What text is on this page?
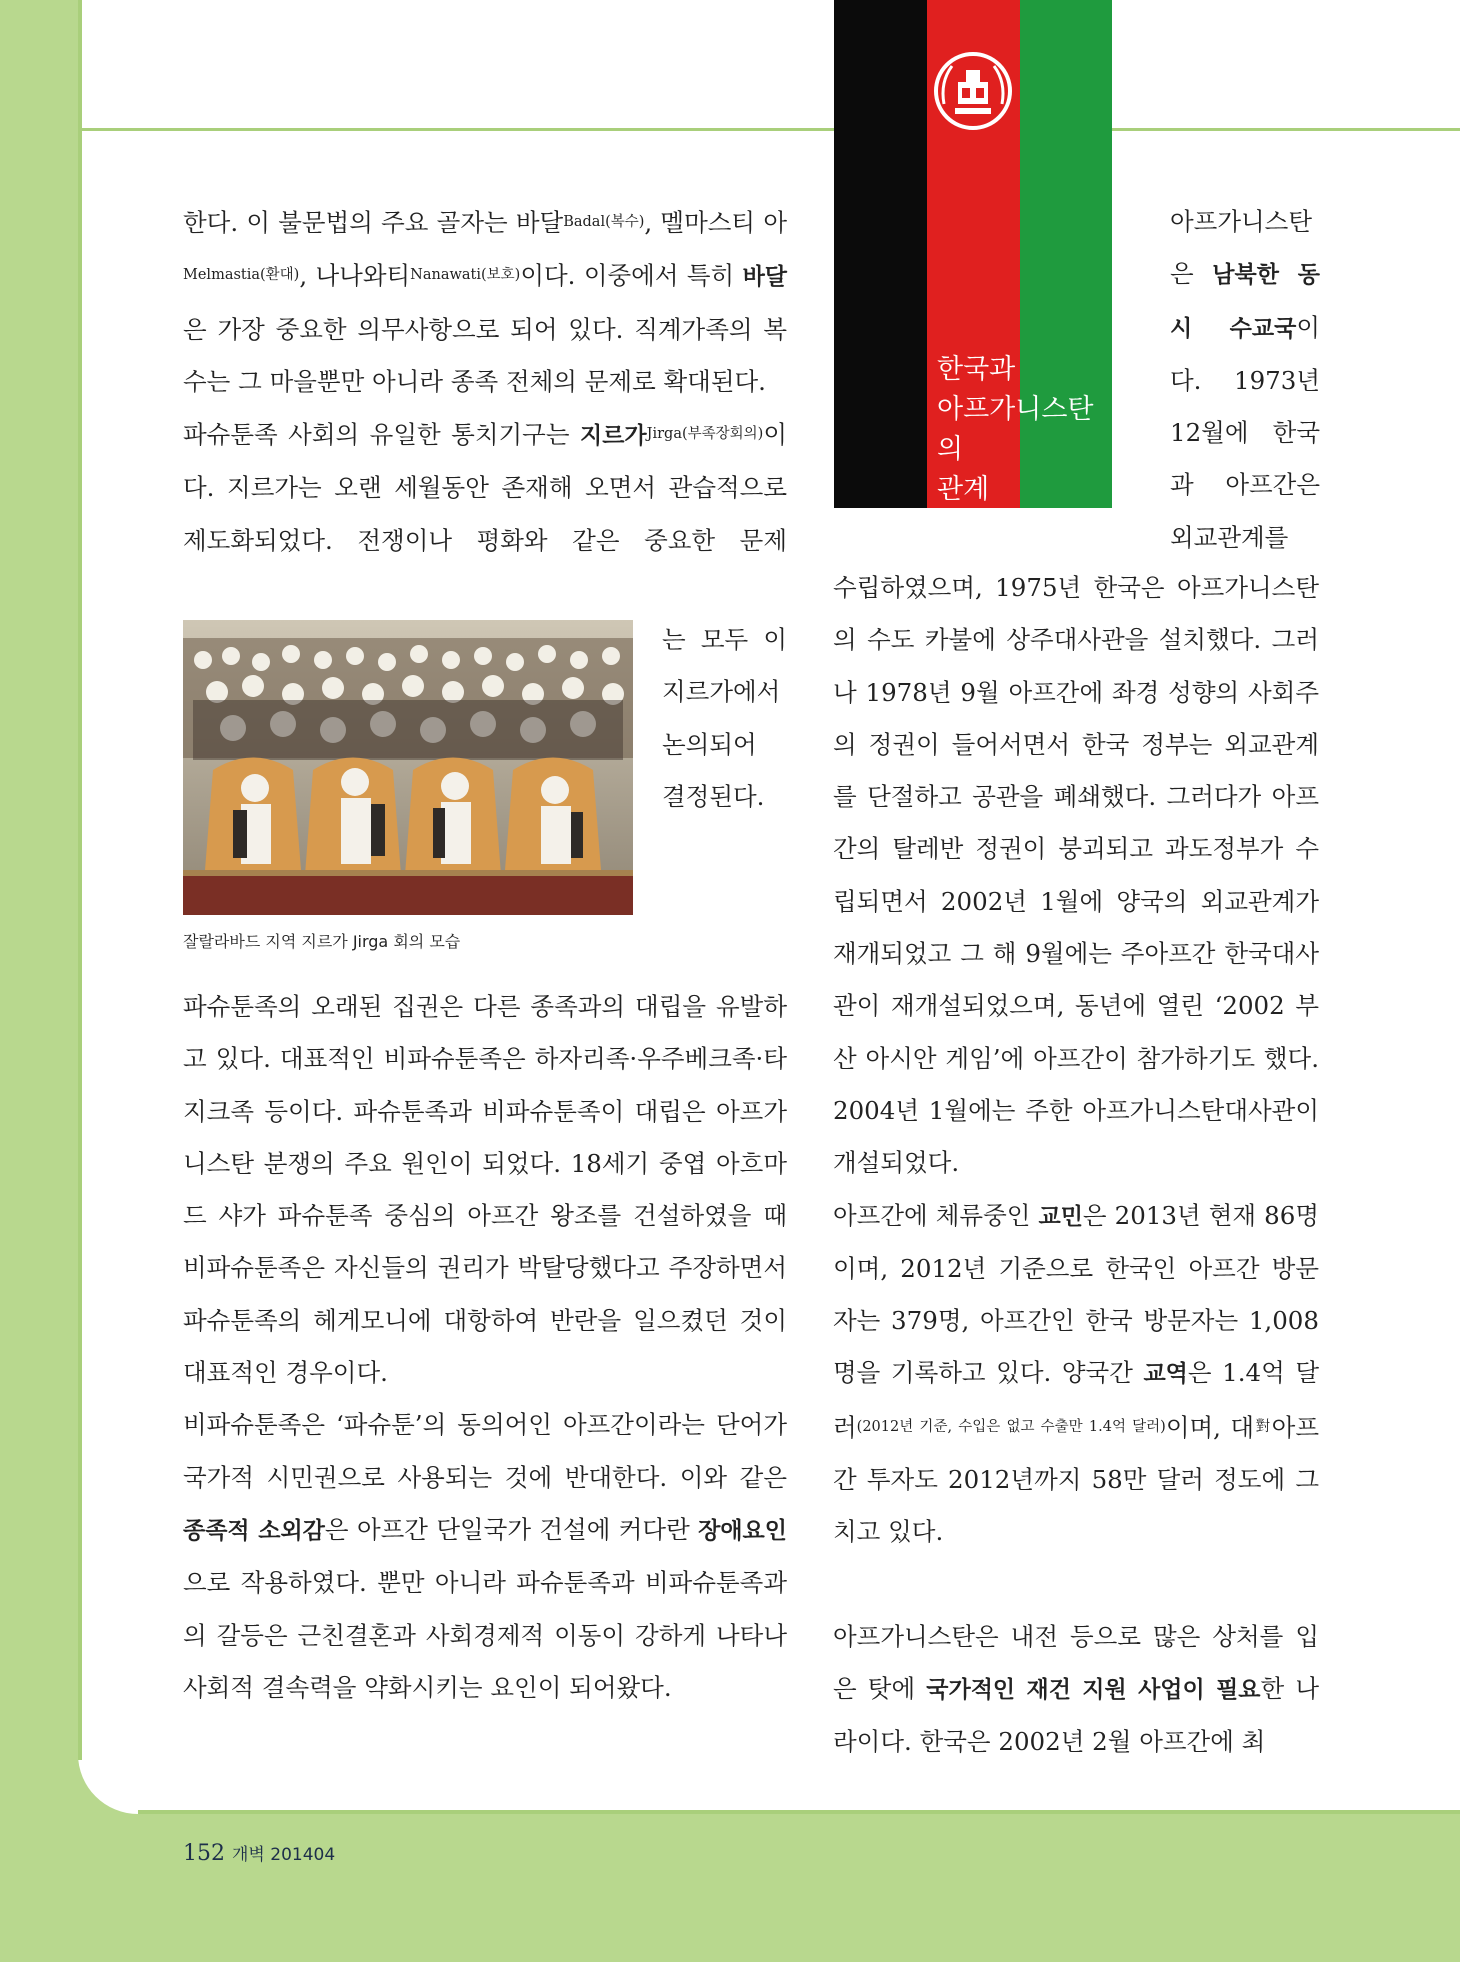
한국과
아프가니스탄의
관계

한다. 이 불문법의 주요 골자는 바달$^{Badal(복수)}$, 멜마스티 아$^{Melmastia(환대)}$, 나나와티$^{Nanawati(보호)}$이다. 이중에서 특히 바달은 가장 중요한 의무사항으로 되어 있다. 직계가족의 복수는 그 마을뿐만 아니라 종족 전체의 문제로 확대된다.

파슈툰족 사회의 유일한 통치기구는 지르가$^{Jirga(부족장회의)}$이다. 지르가는 오랜 세월동안 존재해 오면서 관습적으로 제도화되었다. 전쟁이나 평화와 같은 중요한 문제

잘랄라바드 지역 지르가 Jirga 회의 모습

는 모두 이 지르가에서 논의되어 결정된다.

파슈툰족의 오래된 집권은 다른 종족과의 대립을 유발하고 있다. 대표적인 비파슈툰족은 하자리족·우주베크족·타지크족 등이다. 파슈툰족과 비파슈툰족이 대립은 아프가니스탄 분쟁의 주요 원인이 되었다. 18세기 중엽 아흐마드 샤가 파슈툰족 중심의 아프간 왕조를 건설하였을 때 비파슈툰족은 자신들의 권리가 박탈당했다고 주장하면서 파슈툰족의 헤게모니에 대항하여 반란을 일으켰던 것이 대표적인 경우이다.

비파슈툰족은 ‘파슈툰’의 동의어인 아프간이라는 단어가 국가적 시민권으로 사용되는 것에 반대한다. 이와 같은 종족적 소외감은 아프간 단일국가 건설에 커다란 장애요인으로 작용하였다. 뿐만 아니라 파슈툰족과 비파슈툰족과의 갈등은 근친결혼과 사회경제적 이동이 강하게 나타나 사회적 결속력을 약화시키는 요인이 되어왔다.

아프가니스탄은 남북한 동시 수교국이다. 1973년 12월에 한국과 아프간은 외교관계를

수립하였으며, 1975년 한국은 아프가니스탄의 수도 카불에 상주대사관을 설치했다. 그러나 1978년 9월 아프간에 좌경 성향의 사회주의 정권이 들어서면서 한국 정부는 외교관계를 단절하고 공관을 폐쇄했다. 그러다가 아프간의 탈레반 정권이 붕괴되고 과도정부가 수립되면서 2002년 1월에 양국의 외교관계가 재개되었고 그 해 9월에는 주아프간 한국대사관이 재개설되었으며, 동년에 열린 ‘2002 부산 아시안 게임’에 아프간이 참가하기도 했다. 2004년 1월에는 주한 아프가니스탄대사관이 개설되었다.

아프간에 체류중인 교민은 2013년 현재 86명이며, 2012년 기준으로 한국인 아프간 방문자는 379명, 아프간인 한국 방문자는 1,008명을 기록하고 있다. 양국간 교역은 1.4억 달러$^{(2012년 기준, 수입은 없고 수출만 1.4억 달러)}$이며, 대$^對$아프간 투자도 2012년까지 58만 달러 정도에 그치고 있다.

아프가니스탄은 내전 등으로 많은 상처를 입은 탓에 국가적인 재건 지원 사업이 필요한 나라이다. 한국은 2002년 2월 아프간에 최

152 개벽 201404
